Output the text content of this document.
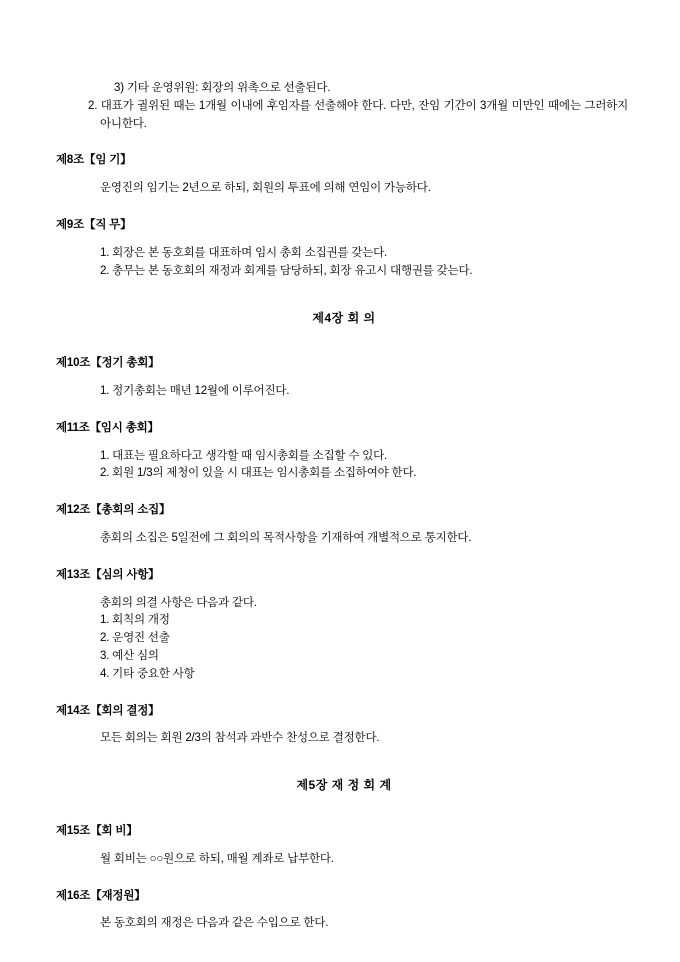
3) 기타 운영위원: 회장의 위촉으로 선출된다.

2. 대표가 궐위된 때는 1개월 이내에 후임자를 선출해야 한다. 다만, 잔임 기간이 3개월 미만인 때에는 그러하지 아니한다.

제8조【임 기】

운영진의 임기는 2년으로 하되, 회원의 투표에 의해 연임이 가능하다.

제9조【직 무】

1. 회장은 본 동호회를 대표하며 임시 총회 소집권를 갖는다.

2. 총무는 본 동호회의 재정과 회계를 담당하되, 회장 유고시 대행권를 갖는다.

제4장 회 의

제10조【정기 총회】

1. 정기총회는 매년 12월에 이루어진다.

제11조【임시 총회】

1. 대표는 필요하다고 생각할 때 임시총회를 소집할 수 있다.

2. 회원 1/3의 제청이 있을 시 대표는 임시총회를 소집하여야 한다.

제12조【총회의 소집】

총회의 소집은 5일전에 그 회의의 목적사항을 기재하여 개별적으로 통지한다.

제13조【심의 사항】

총회의 의결 사항은 다음과 같다.

1. 회칙의 개정

2. 운영진 선출

3. 예산 심의

4. 기타 중요한 사항

제14조【회의 결정】

모든 회의는 회원 2/3의 참석과 과반수 찬성으로 결정한다.

제5장 재 정 회 계

제15조【회 비】

월 회비는 ○○원으로 하되, 매월 계좌로 납부한다.

제16조【재정원】

본 동호회의 재정은 다음과 같은 수입으로 한다.
